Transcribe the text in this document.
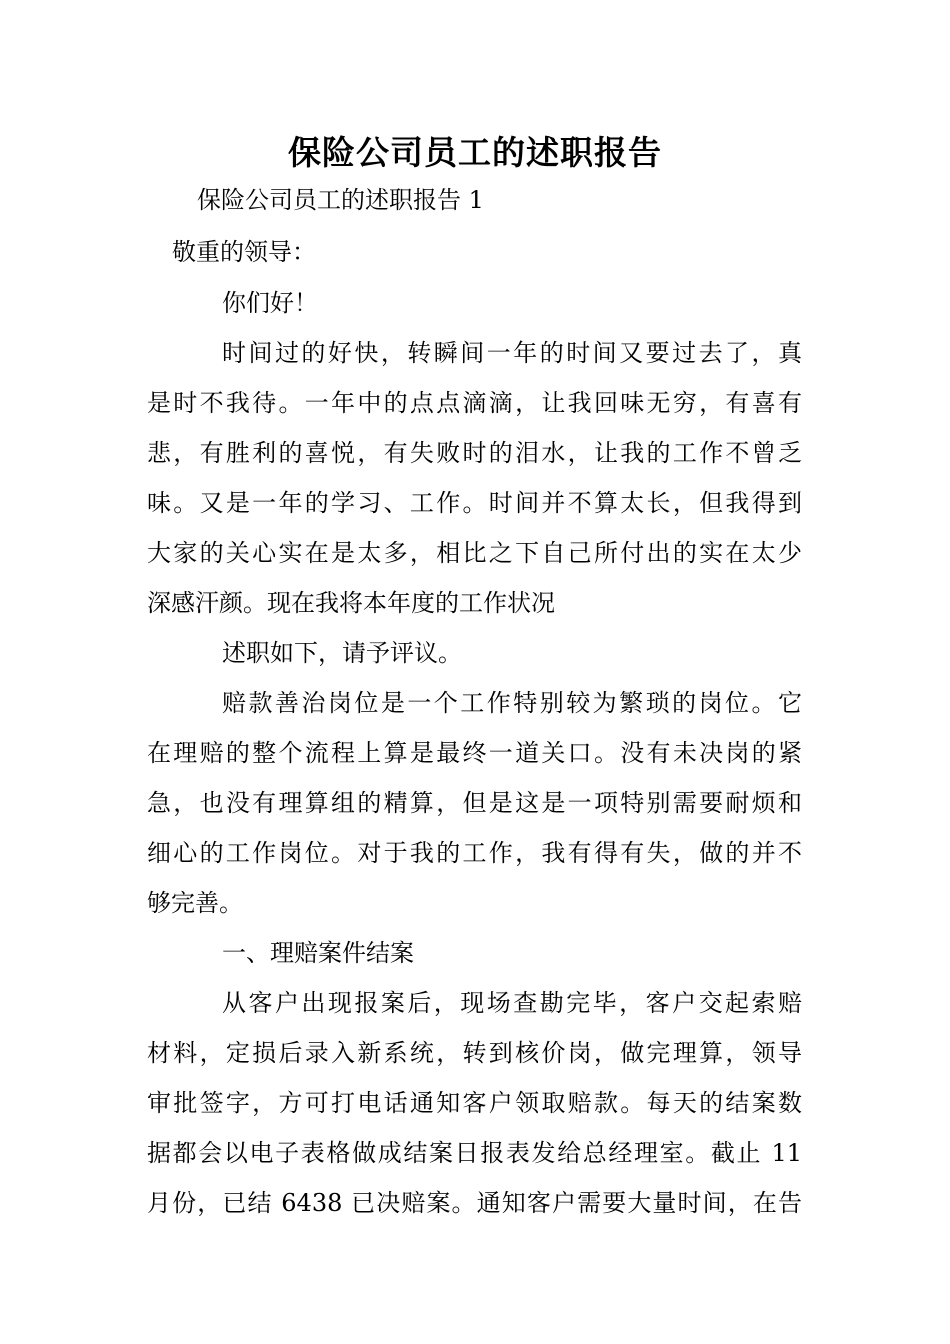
保险公司员工的述职报告
保险公司员工的述职报告 1
敬重的领导：
你们好！
时间过的好快，转瞬间一年的时间又要过去了，真
是时不我待。一年中的点点滴滴，让我回味无穷，有喜有
悲，有胜利的喜悦，有失败时的泪水，让我的工作不曾乏
味。又是一年的学习、工作。时间并不算太长，但我得到
大家的关心实在是太多，相比之下自己所付出的实在太少
深感汗颜。现在我将本年度的工作状况
述职如下，请予评议。
赔款善治岗位是一个工作特别较为繁琐的岗位。它
在理赔的整个流程上算是最终一道关口。没有未决岗的紧
急，也没有理算组的精算，但是这是一项特别需要耐烦和
细心的工作岗位。对于我的工作，我有得有失，做的并不
够完善。
一、理赔案件结案
从客户出现报案后，现场查勘完毕，客户交起索赔
材料，定损后录入新系统，转到核价岗，做完理算，领导
审批签字，方可打电话通知客户领取赔款。每天的结案数
据都会以电子表格做成结案日报表发给总经理室。截止 11
月份，已结 6438 已决赔案。通知客户需要大量时间，在告
